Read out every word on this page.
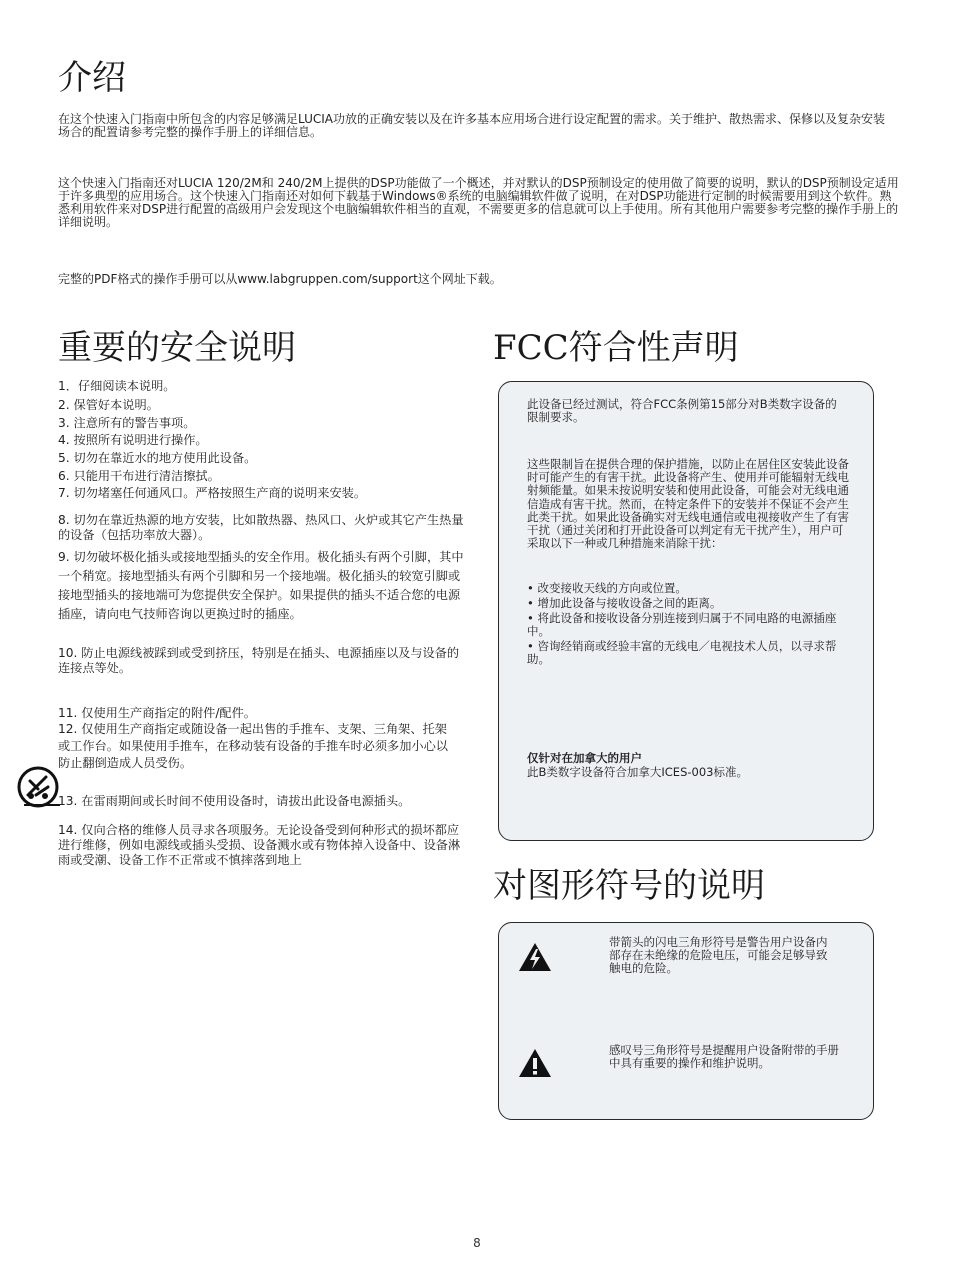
介绍

在这个快速入门指南中所包含的内容足够满足LUCIA功放的正确安装以及在许多基本应用场合进行设定配置的需求。关于维护、散热需求、保修以及复杂安装场合的配置请参考完整的操作手册上的详细信息。

这个快速入门指南还对LUCIA 120/2M和 240/2M上提供的DSP功能做了一个概述，并对默认的DSP预制设定的使用做了简要的说明，默认的DSP预制设定适用于许多典型的应用场合。这个快速入门指南还对如何下载基于Windows®系统的电脑编辑软件做了说明，在对DSP功能进行定制的时候需要用到这个软件。熟悉利用软件来对DSP进行配置的高级用户会发现这个电脑编辑软件相当的直观，不需要更多的信息就可以上手使用。所有其他用户需要参考完整的操作手册上的详细说明。

完整的PDF格式的操作手册可以从www.labgruppen.com/support这个网址下载。

重要的安全说明

1．仔细阅读本说明。

2. 保管好本说明。

3. 注意所有的警告事项。

4. 按照所有说明进行操作。

5. 切勿在靠近水的地方使用此设备。

6. 只能用干布进行清洁擦拭。

7. 切勿堵塞任何通风口。严格按照生产商的说明来安装。

8. 切勿在靠近热源的地方安装，比如散热器、热风口、火炉或其它产生热量的设备（包括功率放大器）。

9. 切勿破坏极化插头或接地型插头的安全作用。极化插头有两个引脚，其中一个稍宽。接地型插头有两个引脚和另一个接地端。极化插头的较宽引脚或接地型插头的接地端可为您提供安全保护。如果提供的插头不适合您的电源插座，请向电气技师咨询以更换过时的插座。

10. 防止电源线被踩到或受到挤压，特别是在插头、电源插座以及与设备的连接点等处。

11. 仅使用生产商指定的附件/配件。

12. 仅使用生产商指定或随设备一起出售的手推车、支架、三角架、托架或工作台。如果使用手推车，在移动装有设备的手推车时必须多加小心以防止翻倒造成人员受伤。

13. 在雷雨期间或长时间不使用设备时，请拔出此设备电源插头。

14. 仅向合格的维修人员寻求各项服务。无论设备受到何种形式的损坏都应进行维修，例如电源线或插头受损、设备溅水或有物体掉入设备中、设备淋雨或受潮、设备工作不正常或不慎摔落到地上

FCC符合性声明

此设备已经过测试，符合FCC条例第15部分对B类数字设备的限制要求。

这些限制旨在提供合理的保护措施，以防止在居住区安装此设备时可能产生的有害干扰。此设备将产生、使用并可能辐射无线电射频能量。如果未按说明安装和使用此设备，可能会对无线电通信造成有害干扰。然而，在特定条件下的安装并不保证不会产生此类干扰。如果此设备确实对无线电通信或电视接收产生了有害干扰（通过关闭和打开此设备可以判定有无干扰产生），用户可采取以下一种或几种措施来消除干扰：

• 改变接收天线的方向或位置。
• 增加此设备与接收设备之间的距离。
• 将此设备和接收设备分别连接到归属于不同电路的电源插座中。
• 咨询经销商或经验丰富的无线电／电视技术人员，以寻求帮助。

仅针对在加拿大的用户

此B类数字设备符合加拿大ICES-003标准。

对图形符号的说明

带箭头的闪电三角形符号是警告用户设备内部存在未绝缘的危险电压，可能会足够导致触电的危险。

感叹号三角形符号是提醒用户设备附带的手册中具有重要的操作和维护说明。

8
